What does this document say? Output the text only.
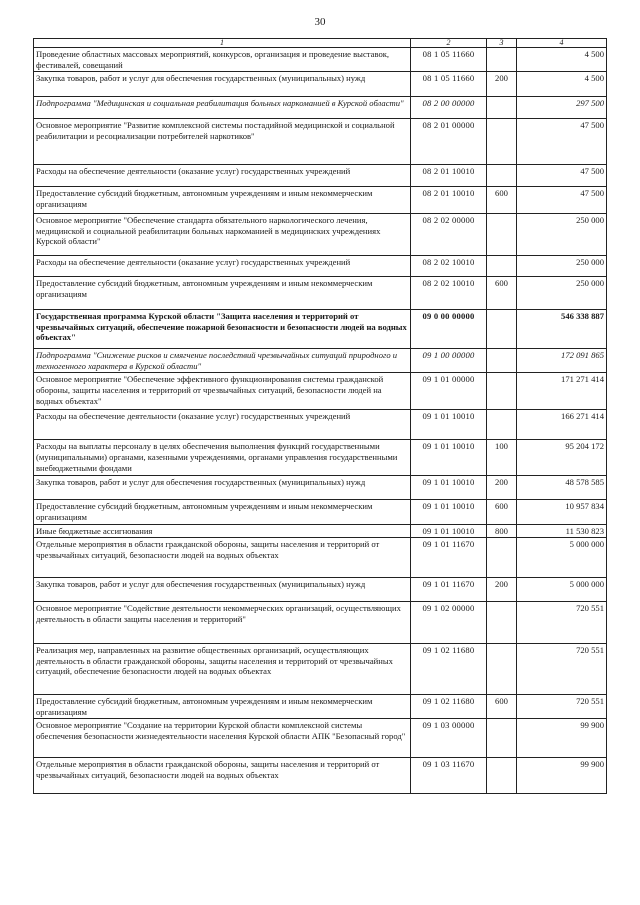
30
1	2	3	4
Проведение областных массовых мероприятий, конкурсов, организация и проведение выставок, фестивалей, совещаний	08 1 05 11660		4 500
Закупка товаров, работ и услуг для обеспечения государственных (муниципальных) нужд	08 1 05 11660	200	4 500
Подпрограмма "Медицинская и социальная реабилитация больных наркоманией в Курской области"	08 2 00 00000		297 500
Основное мероприятие "Развитие комплексной системы постадийной медицинской и социальной реабилитации и ресоциализации потребителей наркотиков"	08 2 01 00000		47 500
Расходы на обеспечение деятельности (оказание услуг) государственных учреждений	08 2 01 10010		47 500
Предоставление субсидий бюджетным, автономным учреждениям и иным некоммерческим организациям	08 2 01 10010	600	47 500
Основное мероприятие "Обеспечение стандарта обязательного наркологического лечения, медицинской и социальной реабилитации больных наркоманией в медицинских учреждениях Курской области"	08 2 02 00000		250 000
Расходы на обеспечение деятельности (оказание услуг) государственных учреждений	08 2 02 10010		250 000
Предоставление субсидий бюджетным, автономным учреждениям и иным некоммерческим организациям	08 2 02 10010	600	250 000
Государственная программа Курской области "Защита населения и территорий от чрезвычайных ситуаций, обеспечение пожарной безопасности и безопасности людей на водных объектах"	09 0 00 00000		546 338 887
Подпрограмма "Снижение рисков и смягчение последствий чрезвычайных ситуаций природного и техногенного характера в Курской области"	09 1 00 00000		172 091 865
Основное мероприятие "Обеспечение эффективного функционирования системы гражданской обороны, защиты населения и территорий от чрезвычайных ситуаций, безопасности людей на водных объектах"	09 1 01 00000		171 271 414
Расходы на обеспечение деятельности (оказание услуг) государственных учреждений	09 1 01 10010		166 271 414
Расходы на выплаты персоналу в целях обеспечения выполнения функций государственными (муниципальными) органами, казенными учреждениями, органами управления государственными внебюджетными фондами	09 1 01 10010	100	95 204 172
Закупка товаров, работ и услуг для обеспечения государственных (муниципальных) нужд	09 1 01 10010	200	48 578 585
Предоставление субсидий бюджетным, автономным учреждениям и иным некоммерческим организациям	09 1 01 10010	600	10 957 834
Иные бюджетные ассигнования	09 1 01 10010	800	11 530 823
Отдельные мероприятия в области гражданской обороны, защиты населения и территорий от чрезвычайных ситуаций, безопасности людей на водных объектах	09 1 01 11670		5 000 000
Закупка товаров, работ и услуг для обеспечения государственных (муниципальных) нужд	09 1 01 11670	200	5 000 000
Основное мероприятие "Содействие деятельности некоммерческих организаций, осуществляющих деятельность в области защиты населения и территорий"	09 1 02 00000		720 551
Реализация мер, направленных на развитие общественных организаций, осуществляющих деятельность в области гражданской обороны, защиты населения и территорий от чрезвычайных ситуаций, обеспечение безопасности людей на водных объектах	09 1 02 11680		720 551
Предоставление субсидий бюджетным, автономным учреждениям и иным некоммерческим организациям	09 1 02 11680	600	720 551
Основное мероприятие "Создание на территории Курской области комплексной системы обеспечения безопасности жизнедеятельности населения Курской области АПК "Безопасный город"	09 1 03 00000		99 900
Отдельные мероприятия в области гражданской обороны, защиты населения и территорий от чрезвычайных ситуаций, безопасности людей на водных объектах	09 1 03 11670		99 900
